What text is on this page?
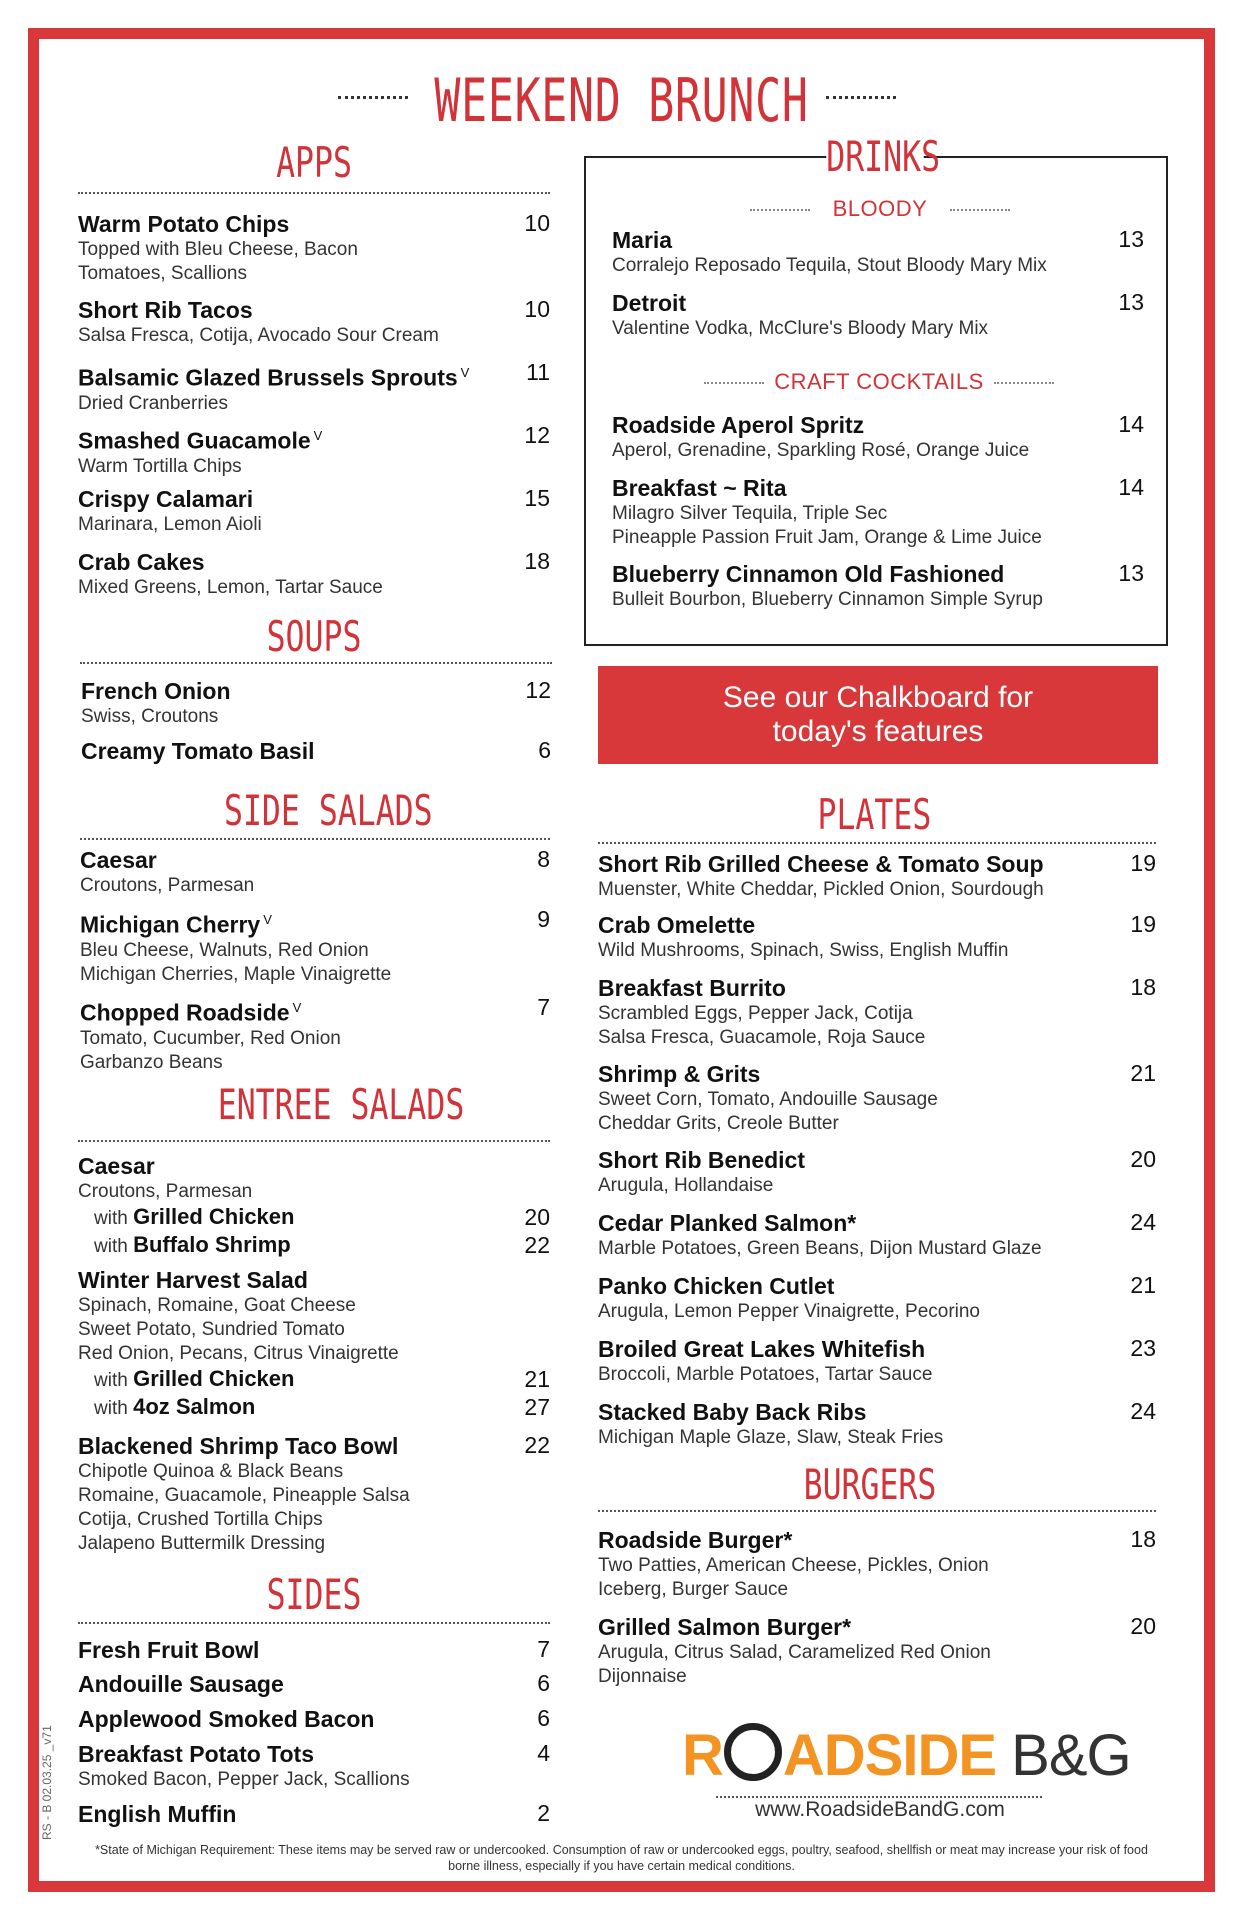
WEEKEND BRUNCH
APPS
Warm Potato Chips
Topped with Bleu Cheese, Bacon
Tomatoes, Scallions
10
Short Rib Tacos
Salsa Fresca, Cotija, Avocado Sour Cream
10
Balsamic Glazed Brussels Sprouts $^V$
Dried Cranberries
11
Smashed Guacamole $^V$
Warm Tortilla Chips
12
Crispy Calamari
Marinara, Lemon Aioli
15
Crab Cakes
Mixed Greens, Lemon, Tartar Sauce
18
SOUPS
French Onion
Swiss, Croutons
12
Creamy Tomato Basil	6
SIDE SALADS
Caesar
Croutons, Parmesan
8
Michigan Cherry $^V$
Bleu Cheese, Walnuts, Red Onion
Michigan Cherries, Maple Vinaigrette
9
Chopped Roadside $^V$
Tomato, Cucumber, Red Onion
Garbanzo Beans
7
ENTREE SALADS
Caesar
Croutons, Parmesan
with Grilled Chicken	20
with Buffalo Shrimp	22
Winter Harvest Salad
Spinach, Romaine, Goat Cheese
Sweet Potato, Sundried Tomato
Red Onion, Pecans, Citrus Vinaigrette
with Grilled Chicken	21
with 4oz Salmon	27
Blackened Shrimp Taco Bowl
Chipotle Quinoa & Black Beans
Romaine, Guacamole, Pineapple Salsa
Cotija, Crushed Tortilla Chips
Jalapeno Buttermilk Dressing
22
SIDES
Fresh Fruit Bowl	7
Andouille Sausage	6
Applewood Smoked Bacon	6
Breakfast Potato Tots
Smoked Bacon, Pepper Jack, Scallions
4
English Muffin	2
DRINKS
BLOODY
Maria
Corralejo Reposado Tequila, Stout Bloody Mary Mix
13
Detroit
Valentine Vodka, McClure's Bloody Mary Mix
13
CRAFT COCKTAILS
Roadside Aperol Spritz
Aperol, Grenadine, Sparkling Rosé, Orange Juice
14
Breakfast ~ Rita
Milagro Silver Tequila, Triple Sec
Pineapple Passion Fruit Jam, Orange & Lime Juice
14
Blueberry Cinnamon Old Fashioned
Bulleit Bourbon, Blueberry Cinnamon Simple Syrup
13
See our Chalkboard for
today's features
PLATES
Short Rib Grilled Cheese & Tomato Soup
Muenster, White Cheddar, Pickled Onion, Sourdough
19
Crab Omelette
Wild Mushrooms, Spinach, Swiss, English Muffin
19
Breakfast Burrito
Scrambled Eggs, Pepper Jack, Cotija
Salsa Fresca, Guacamole, Roja Sauce
18
Shrimp & Grits
Sweet Corn, Tomato, Andouille Sausage
Cheddar Grits, Creole Butter
21
Short Rib Benedict
Arugula, Hollandaise
20
Cedar Planked Salmon*
Marble Potatoes, Green Beans, Dijon Mustard Glaze
24
Panko Chicken Cutlet
Arugula, Lemon Pepper Vinaigrette, Pecorino
21
Broiled Great Lakes Whitefish
Broccoli, Marble Potatoes, Tartar Sauce
23
Stacked Baby Back Ribs
Michigan Maple Glaze, Slaw, Steak Fries
24
BURGERS
Roadside Burger*
Two Patties, American Cheese, Pickles, Onion
Iceberg, Burger Sauce
18
Grilled Salmon Burger*
Arugula, Citrus Salad, Caramelized Red Onion
Dijonnaise
20
R ADSIDE B&G
www.RoadsideBandG.com
RS - B 02.03.25 _v71
*State of Michigan Requirement: These items may be served raw or undercooked. Consumption of raw or undercooked eggs, poultry, seafood, shellfish or meat may increase your risk of food borne illness, especially if you have certain medical conditions.
